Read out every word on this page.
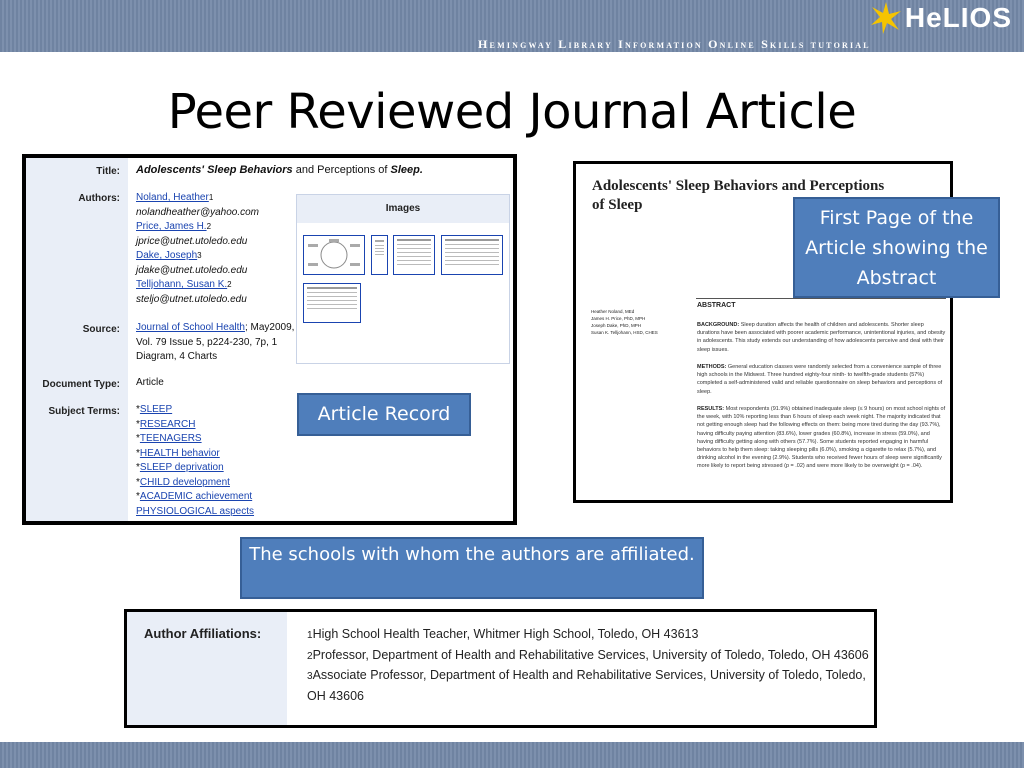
HeLIOS
Hemingway Library Information Online Skills tutorial
Peer Reviewed Journal Article
Title: Adolescents' Sleep Behaviors and Perceptions of Sleep.
Authors: Noland, Heather1
nolandheather@yahoo.com
Price, James H.2
jprice@utnet.utoledo.edu
Dake, Joseph3
jdake@utnet.utoledo.edu
Telljohann, Susan K.2
steljo@utnet.utoledo.edu
Images
Source: Journal of School Health; May2009,
Vol. 79 Issue 5, p224-230, 7p, 1
Diagram, 4 Charts
Document Type: Article
Subject Terms: *SLEEP
*RESEARCH
*TEENAGERS
*HEALTH behavior
*SLEEP deprivation
*CHILD development
*ACADEMIC achievement
PHYSIOLOGICAL aspects
Article Record
Adolescents' Sleep Behaviors and Perceptions of Sleep
ABSTRACT
Heather Noland, MEd
James H. Price, PhD, MPH
Joseph Dake, PhD, MPH
Susan K. Telljohann, HSD, CHES
BACKGROUND: Sleep duration affects the health of children and adolescents. Shorter sleep durations have been associated with poorer academic performance, unintentional injuries, and obesity in adolescents. This study extends our understanding of how adolescents perceive and deal with their sleep issues.
METHODS: General education classes were randomly selected from a convenience sample of three high schools in the Midwest. Three hundred eighty-four ninth- to twelfth-grade students (57%) completed a self-administered valid and reliable questionnaire on sleep behaviors and perceptions of sleep.
RESULTS: Most respondents (91.9%) obtained inadequate sleep (≤ 9 hours) on most school nights of the week, with 10% reporting less than 6 hours of sleep each week night. The majority indicated that not getting enough sleep had the following effects on them: being more tired during the day (93.7%), having difficulty paying attention (83.6%), lower grades (60.8%), increase in stress (59.0%), and having difficulty getting along with others (57.7%). Some students reported engaging in harmful behaviors to help them sleep: taking sleeping pills (6.0%), smoking a cigarette to relax (5.7%), and drinking alcohol in the evening (2.9%). Students who received fewer hours of sleep were significantly more likely to report being stressed (p = .02) and were more likely to be overweight (p = .04).
First Page of the Article showing the Abstract
The schools with whom the authors are affiliated.
Author Affiliations:	1High School Health Teacher, Whitmer High School, Toledo, OH 43613
2Professor, Department of Health and Rehabilitative Services, University of Toledo, Toledo, OH 43606
3Associate Professor, Department of Health and Rehabilitative Services, University of Toledo, Toledo, OH 43606
